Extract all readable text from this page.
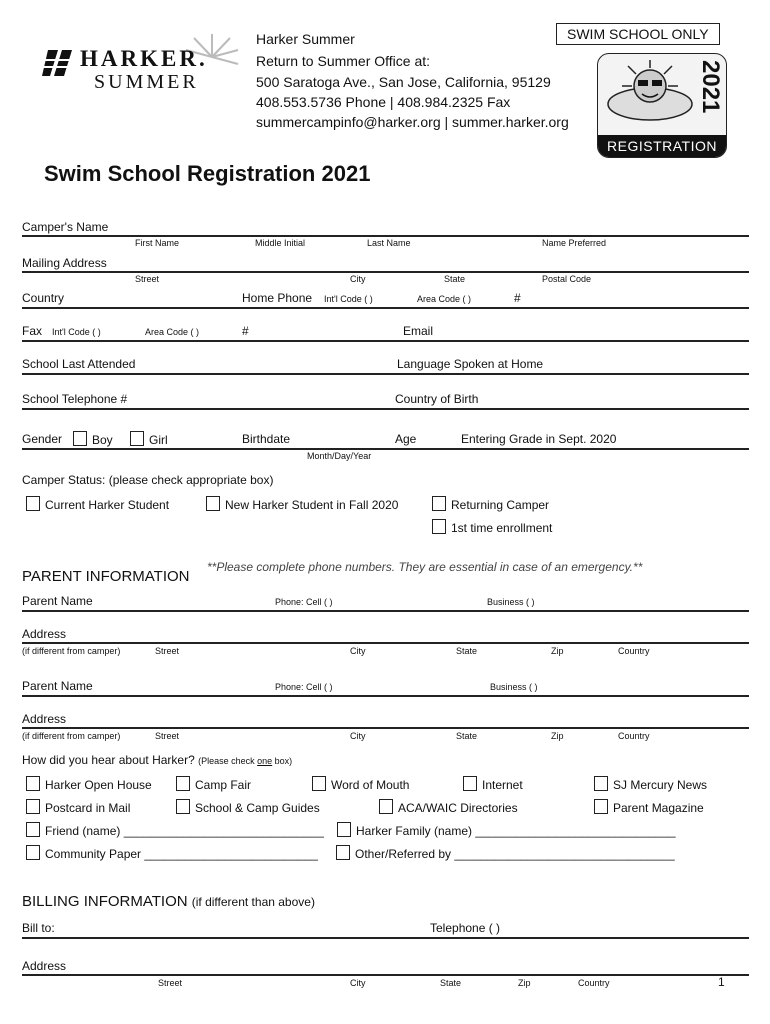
HARKER.
SUMMER
Harker Summer
Return to Summer Office at:
500 Saratoga Ave., San Jose, California, 95129
408.553.5736 Phone | 408.984.2325 Fax
summercampinfo@harker.org | summer.harker.org
SWIM SCHOOL ONLY
2021
REGISTRATION
Swim School Registration 2021
Camper's Name
First Name	Middle Initial	Last Name	Name Preferred
Mailing Address
Street	City	State	Postal Code
Country	Home Phone Int'l Code ( )	Area Code ( )	#
Fax Int'l Code ( )	Area Code ( )	#	Email
School Last Attended	Language Spoken at Home
School Telephone #	Country of Birth
Gender	Boy	Girl	Birthdate	Age	Entering Grade in Sept. 2020
Month/Day/Year
Camper Status: (please check appropriate box)
Current Harker Student	New Harker Student in Fall 2020	Returning Camper
1st time enrollment
PARENT INFORMATION
**Please complete phone numbers. They are essential in case of an emergency.**
Parent Name	Phone: Cell ( )	Business ( )
Address
(if different from camper)	Street	City	State	Zip	Country
Parent Name	Phone: Cell ( )	Business ( )
Address
(if different from camper)	Street	City	State	Zip	Country
How did you hear about Harker? (Please check one box)
Harker Open House	Camp Fair	Word of Mouth	Internet	SJ Mercury News
Postcard in Mail	School & Camp Guides	ACA/WAIC Directories	Parent Magazine
Friend (name) ______________________________	Harker Family (name) ______________________________
Community Paper __________________________	Other/Referred by _________________________________
BILLING INFORMATION (if different than above)
Bill to:	Telephone ( )
Address
Street	City	State	Zip	Country	1
